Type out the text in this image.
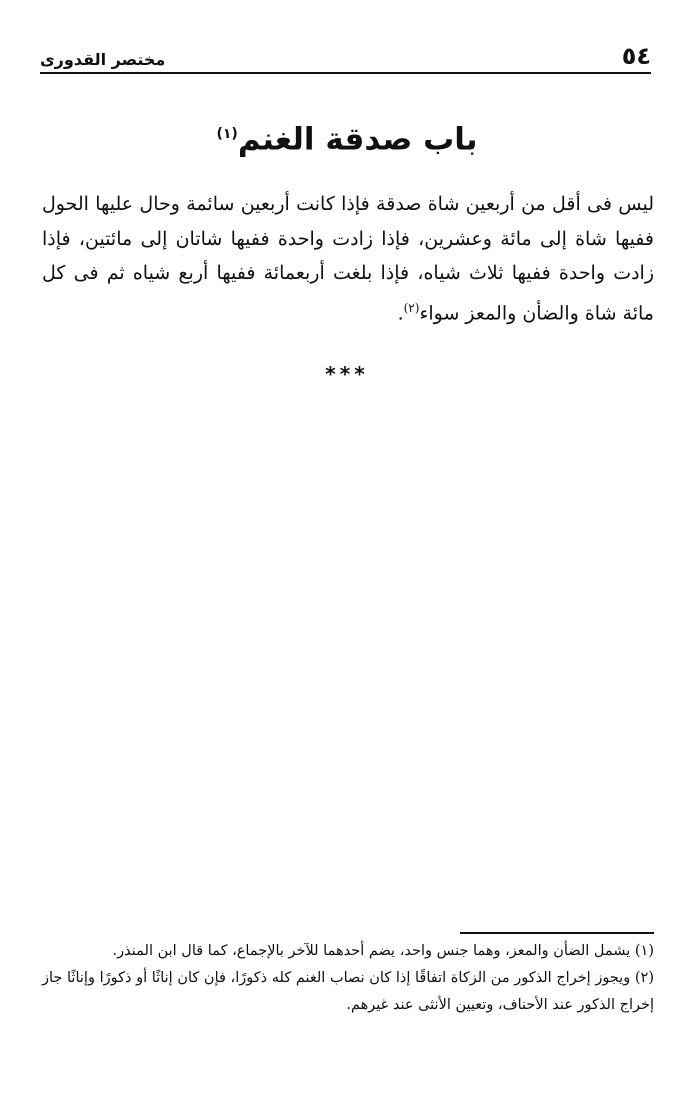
٥٤
مختصر القدورى
باب صدقة الغنم$^{(١)}$

ليس فى أقل من أربعين شاة صدقة فإذا كانت أربعين سائمة وحال عليها الحول ففيها شاة إلى مائة وعشرين، فإذا زادت واحدة ففيها شاتان إلى مائتين، فإذا زادت واحدة ففيها ثلاث شياه، فإذا بلغت أربعمائة ففيها أربع شياه ثم فى كل مائة شاة والضأن والمعز سواء$^{(٢)}$.

***

(١) يشمل الضأن والمعز، وهما جنس واحد، يضم أحدهما للآخر بالإجماع، كما قال ابن المنذر.

(٢) ويجوز إخراج الذكور من الزكاة اتفاقًا إذا كان نصاب الغنم كله ذكورًا، فإن كان إناثًا أو ذكورًا وإناثًا جاز إخراج الذكور عند الأحناف، وتعيين الأنثى عند غيرهم.
